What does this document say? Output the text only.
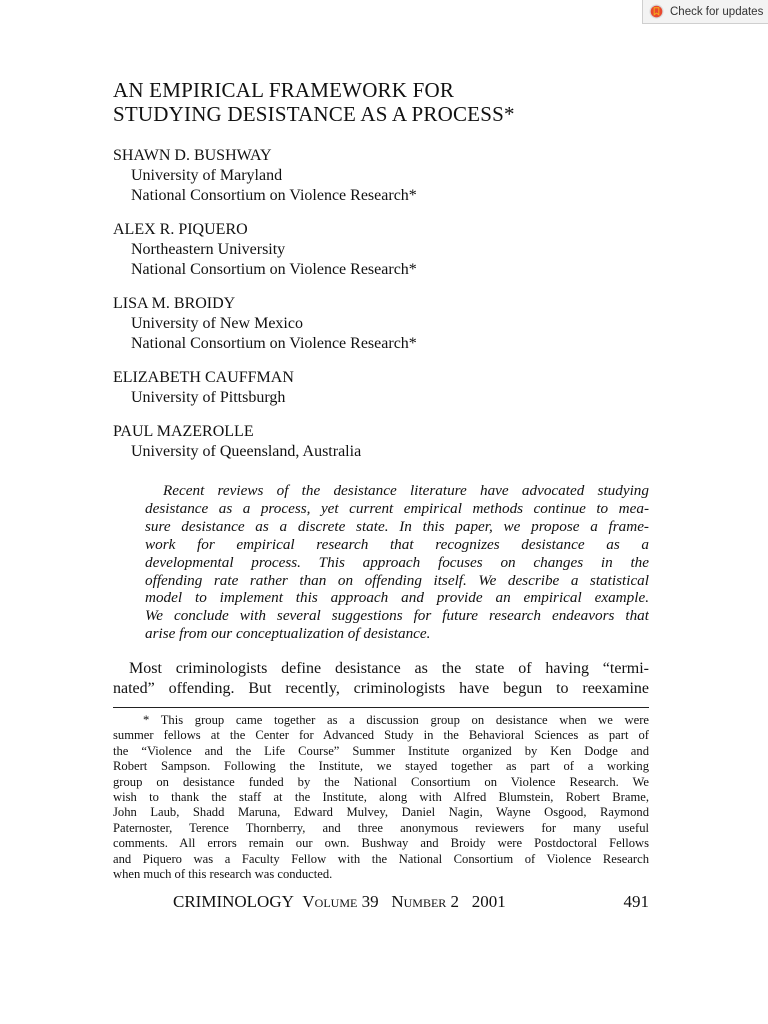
Check for updates
AN EMPIRICAL FRAMEWORK FOR
STUDYING DESISTANCE AS A PROCESS*
SHAWN D. BUSHWAY
University of Maryland
National Consortium on Violence Research*
ALEX R. PIQUERO
Northeastern University
National Consortium on Violence Research*
LISA M. BROIDY
University of New Mexico
National Consortium on Violence Research*
ELIZABETH CAUFFMAN
University of Pittsburgh
PAUL MAZEROLLE
University of Queensland, Australia
Recent reviews of the desistance literature have advocated studying
desistance as a process, yet current empirical methods continue to mea-
sure desistance as a discrete state. In this paper, we propose a frame-
work for empirical research that recognizes desistance as a
developmental process. This approach focuses on changes in the
offending rate rather than on offending itself. We describe a statistical
model to implement this approach and provide an empirical example.
We conclude with several suggestions for future research endeavors that
arise from our conceptualization of desistance.
Most criminologists define desistance as the state of having “termi-
nated” offending. But recently, criminologists have begun to reexamine
* This group came together as a discussion group on desistance when we were
summer fellows at the Center for Advanced Study in the Behavioral Sciences as part of
the “Violence and the Life Course” Summer Institute organized by Ken Dodge and
Robert Sampson. Following the Institute, we stayed together as part of a working
group on desistance funded by the National Consortium on Violence Research. We
wish to thank the staff at the Institute, along with Alfred Blumstein, Robert Brame,
John Laub, Shadd Maruna, Edward Mulvey, Daniel Nagin, Wayne Osgood, Raymond
Paternoster, Terence Thornberry, and three anonymous reviewers for many useful
comments. All errors remain our own. Bushway and Broidy were Postdoctoral Fellows
and Piquero was a Faculty Fellow with the National Consortium of Violence Research
when much of this research was conducted.
CRIMINOLOGY Volume 39 Number 2 2001	491
